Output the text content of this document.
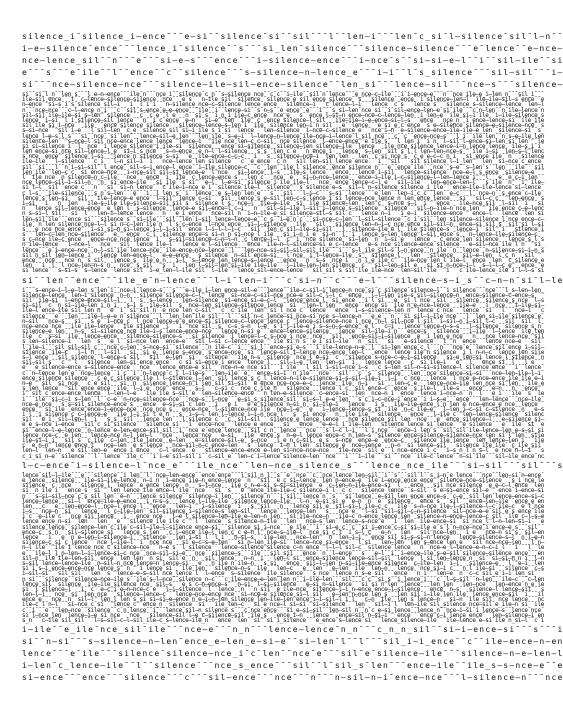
silence_i¯silence_i–ence¯¯¯e—si¯¯silence¯si¯¯sil¯¯¯l¯¯len–i¯¯¯len¯c_si¯l–silence¯sil¯l—n¯¯
i–e–silence¯ence¯¯¯lence_i¯silence¯¯s¯¯¯si_len¯silence¯¯¯silence–silence¯¯¯e¯lence¯¯e—nce–
nce–lence_sil¯¯n¯¯¯e¯¯¯si—e–s¯¯¯ence¯¯¯i–silence–ence¯¯¯i—nce¯s¯¯si—si–e—l¯¯i¯¯sil—ile¯¯si
e¯¯¯s¯¯¯e¯ile¯¯l¯¯ence¯¯c¯¯silence¯¯¯s—silence—n–lence_e¯¯¯i–i¯¯l¯s_silence¯¯¯sil–sil¯¯¯i–
si¯¯¯nce—silence–nce¯¯¯silence—ile–sil–ence—silence¯¯len_si¯¯¯lence—sil¯¯¯nce—s¯¯¯silence–
si¯¯si¯l_n¯¯len_s¯¯¯l_e—n–ence¯¯¯ile¯n¯¯¯nce_i¯¯silence¯c_n¯¯s—silence_nce¯¯c¯c¯¯i—ile¯¯sil¯n¯lence¯¯¯e_nce–c–ile¯¯¯i¯i—ence–e¯¯¯n¯¯nce_ile—e_i—len_n¯¯¯sil_i¯¯¯
ile—sil_ence¯¯¯i¯¯c–lence–silence–silence¯¯nce¯¯¯e¯s¯¯¯n–ile_sil¯¯silence¯¯silence¯e_sil¯ence_silence¯¯s¯¯¯silence¯¯ence¯¯i¯silence—len–l¯¯ile–ile—sil–s¯ence¯¯e
n–ence¯¯si—s¯i¯s¯silence_sil–i¯¯¯i¯¯l¯i¯i¯¯¯n—silence_nce—c—silence¯lence¯ence¯¯¯silence–i¯¯¯c¯lence—l—i¯¯¯lence¯¯c¯s¯¯¯lence¯s¯¯¯silence_s—silence—lence¯¯len—l
n¯¯¯nce—nce¯¯¯c—l—ence_n_i¯¯¯c¯¯sil¯s–ence¯e–e—ence¯¯¯ile¯¯i¯¯lence–si¯¯s¯n–s¯¯e_ence¯¯e¯¯¯i¯¯¯s_si—len¯nce_si¯¯i¯sil—ence—len–e¯si¯ile¯¯¯c¯n–len¯¯n¯ile–lence¯n
sil—sil¯ile—ile—si_s—len¯¯silence¯¯¯c¯¯c¯e¯¯l¯e¯¯¯n¯¯si¯s¯¯i_n_i_ile–c_ence¯¯nce_e¯¯¯s¯¯ence_l—si–n_ence—nce—c–lence—len¯¯i_len–e¯¯ile¯si–i¯ile¯¯i–ile—silence_s
lence¯¯i—si¯¯l_i¯silence–sil_lence¯¯¯n¯¯i¯c¯ence¯¯e–n¯¯¯si–e¯¯len¯¯ile¯¯c¯¯ence_silence–l¯sil¯¯¯ile—ile—i—e–ence–si–l—s¯¯¯ence¯¯¯nce_n¯¯i¯ence—lence—si¯¯ile_ile
sil¯ile¯si_i—nce¯¯¯ile¯¯¯ence¯silence¯silence¯¯¯silence–lence–s—len¯i¯¯ile¯¯silence¯len—i¯n_sil¯¯¯e¯¯lence¯¯¯e_si_e¯c¯ence¯¯s¯e–silence¯silence—e–silence–nce¯¯s
s–si—nce¯¯¯sil¯i–e¯¯¯l¯sil–len¯¯c_e¯¯silence_sil¯si–i_ile_s_i¯si¯¯lence¯¯¯len–silence¯¯i–nce—c—silence¯e¯¯¯nce_i—n¯¯e–silence—ence–ile–ile—e_len¯¯silence–si¯¯s_
lence_l–e–s¯l_s¯¯¯si¯¯nce¯¯si¯len¯¯¯lence–sil–e_len¯¯¯len_ile¯¯s–e—i¯¯l—lence—n–lence¯ile—nce–i—lence¯l_sil_nce¯¯¯c¯¯c¯¯ence—nce—s¯¯¯l_i¯¯ile¯len¯¯n¯s—e—ile_len
silence–len¯¯¯s–nce—l¯sil¯nce—ence¯lence_lence¯¯lence—i¯¯¯ile¯nce¯len—c_c—sil¯¯nce¯silence¯¯l—ence—ence¯¯e¯ile¯s¯¯¯l_len¯i¯¯i¯n¯¯l–sil_l–ence—si—len¯si¯len¯¯¯le
si_si—silence_i¯¯l¯¯nce¯¯i¯lence_silence_i¯ile–si¯¯silence¯¯¯ence¯si–silence¯¯silence—len_silence—ile¯¯lence¯¯¯ile_nce¯silence_lence–i—n_lence¯lence¯¯ile—s_i¯i¯
len_ence—si_nce_sil–lence–l_e¯¯si—i¯s_nce¯¯¯s—n—ence¯¯e_n–l¯l–silence¯¯¯s¯s¯¯len_c¯e¯¯¯n_ence_i¯¯¯lence¯¯s–len¯¯sil¯s¯l¯l¯len–len—nce—s¯¯¯ile¯i—si¯¯len–s–l¯lenc
s¯nce¯¯ence¯¯silence¯l–si¯¯¯lence¯n¯silence¯s—si¯¯¯e¯¯ile—ence—c–c—c¯¯¯i¯¯¯s¯¯silence—nce—i¯¯len¯len¯¯¯len¯¯c¯si_nce¯s¯¯c_e¯e–c—c¯n¯i¯¯¯si_ence¯ile¯¯n¯¯¯silence
ile–ile¯¯¯l–silence¯¯¯c_i¯¯¯l—n_sil—i¯¯i¯¯¯nce—lence¯len_silence¯¯¯c¯¯e_ence¯¯c¯n¯¯¯sil¯len–sil_lence¯ence¯¯¯i¯¯¯sil¯¯¯sil¯silence¯l–i_len¯¯¯len¯¯si—nce¯c_ence¯
sil¯¯si¯¯¯l¯¯n¯i–si–sil¯¯l_ence¯¯sil—s—i_ence–l_ence¯¯i—ile_silence—c¯¯¯c¯¯len¯¯ile_l¯silence¯¯ence¯silence_n¯¯¯e¯¯ence¯ile¯¯¯nce¯¯s—e¯¯s—len¯s¯¯len¯¯¯ile¯¯¯sil
len_ile¯¯len–c¯c¯¯si_ence–nce¯¯¯i—nce–sil_sil—si_lence—e¯¯l¯nce¯¯¯si—lence¯¯l—s¯¯¯ile—s¯lence¯¯¯ence¯¯¯lence¯i—sil¯¯¯lence–silence¯¯nce–e—l_s_ence¯¯silence—e¯¯¯
l¯¯ile_nce¯¯n¯silence—n_c—ile¯¯¯nce¯¯¯ence¯¯i¯¯ile¯¯c_lence–ence_s¯¯¯len¯c¯¯¯nce¯¯e¯¯¯si–n—nce–lence¯¯¯ence–i–ile¯i–c—silence—l–len—lence¯i¯¯¯l¯¯¯e¯¯e_c–i_len¯¯
nce_lence–sil—i–sil—n¯¯¯n¯¯si¯ence–ile¯¯¯si_ile¯¯s¯si¯¯¯e–l¯¯l—e–si¯¯silence¯i¯ile_ile–l¯¯¯nce¯¯ence¯lence—c—l_e¯¯¯sil–ile¯¯¯len–ence–len—l¯¯¯s¯ile¯¯n¯¯¯i¯¯ile—
si¯l—l¯¯sil¯¯ence_c¯¯¯n¯¯¯si¯¯si–n_lence¯¯¯c¯ile—i–nce_e¯i¯¯silence¯ile—l¯¯silence¯¯¯s¯silence¯e—s¯¯sil–l¯n—silence_silence_i_ile¯¯¯ence—ile—ile—lence¯si—lence¯
c_l–s¯¯¯ile—silence¯¯¯s_n¯s—len¯¯¯e¯¯¯i¯¯l_len_s¯¯i¯¯lence¯¯e_s—len¯len¯e¯¯¯s¯¯¯sil¯¯¯l—i–c¯¯¯s–si¯¯lence¯¯¯e¯len¯¯len–i¯c_c¯¯len¯¯e—c¯¯¯l¯¯nce—n¯¯s_ence¯c—ile¯
lence¯s¯len—si¯¯¯sil¯¯¯ile–lence—e¯ence¯¯l—sil¯¯lence¯c—si¯¯¯sil¯¯lence¯s_e–sil¯len–c—s¯lence_i¯si_lence–nce_lence_n_len¯ence_lence¯¯¯si¯¯¯sil—c¯c¯¯¯len—ence¯¯s
i—si¯¯¯i¯¯¯n¯¯len¯¯¯ile–s–ile_ile–silence–sil¯sil¯s¯¯silence_l_s¯¯nce–l¯¯ile–e–ile¯¯si¯¯ile_silence–len¯¯len¯c¯¯s–nce_s—l¯¯i¯¯¯ence¯¯¯ile–nce_sil¯¯l—sil¯¯i¯¯¯si
n¯¯¯lence_sil—lence—ence¯¯e_len_l¯¯s—silence¯¯lence–e_sil—ence–l¯c–i¯¯¯n¯¯¯sil—si–ile¯l—sil_i–lence¯s–silence¯¯silence¯¯¯sil–n—ile—n¯nce_len¯¯¯ile¯ence_c–e–lenc
n_s–si–l_sil¯¯¯si¯¯l¯¯¯len—i—lence¯lence¯¯¯n¯¯¯e_i_ence¯¯¯nce—sil_n¯¯i–n–ile—e_si_silence—sil–s¯sil¯c¯¯¯lence¯n–i¯¯¯i_e–i¯¯silence–ence¯¯¯ence–l¯¯¯lence¯¯len¯si
len–sil¯ile¯¯¯ence_si¯¯¯silence_s¯¯si–ile¯¯¯sil¯¯len¯i–sil_lence—lence—e¯¯c_s¯¯i–e¯n¯c¯¯¯si–nce—c–len¯¯l—sil—silence¯¯c_i¯sil¯¯len_silence—silence_l¯nce_ence–c—
ile¯¯n¯len_silence_nce–l—l¯si_n–c—len¯ile¯n¯¯l¯s¯c–ence¯¯l–nce¯ence¯¯si–l—silence¯¯¯ile¯¯¯sil¯¯¯silence_len–n—i–c_nce¯ence_sil—sil–n¯¯ence—si¯sil_s¯¯sil_si_l–si
s¯¯¯e_nce_nce¯ence¯¯¯i–si_si–n_si—lence¯i—l–i—sil¯¯ence_l–i—l–l–l–c¯¯¯sil¯¯len¯c¯sil—ile—si–sil¯¯¯l¯¯silence—ile¯e¯l¯¯ile_silence–s¯¯lence–i¯¯sil¯¯i¯¯¯silence¯i
s¯¯¯len—c–len¯nce–silence¯¯¯e¯¯¯ence¯¯c¯l¯¯silence_ence—s_si—n_n¯si–nce_l_ile¯¯¯si_i—n_i_e¯¯si—n¯¯l¯¯i¯¯lence¯s–len¯lence_l–sil¯ence¯s¯¯¯n—lence–ile–silence—c¯¯
s_c–nce_ile—c¯ence¯¯¯ence–nce¯nce¯lence¯¯i¯¯¯s—sil–silence—c—n—l—n¯¯c_lence—i—l¯¯c¯¯i¯¯nce_silence¯¯si—len¯¯n¯¯i—si¯e¯¯¯lence¯¯¯c¯ence¯len¯silence¯¯¯lence¯s_l¯s
n_ile–lence¯¯¯l—nce—l¯¯¯nce¯¯¯sil¯¯lence_ile—l¯¯¯lence_e¯l–silence¯¯¯ence¯¯ile–n—l—silence—si_e_c–lence¯¯¯e—s_nce_silence—ence¯silence¯¯¯e—sil–nce¯ile¯l¯n¯¯¯si_
lence¯¯¯e¯i–ence–nce¯¯n—l–si¯ile¯lence—nce¯¯ile–ence—nce–lence¯¯l¯¯¯len–nce–si—sil—sil–sil_ile¯¯¯i¯¯¯s—l_ile_sil–s¯l–n¯ence¯¯n_ile¯¯n¯¯lence¯¯n—silence—si—i—n_s
sil¯n_sil_len—lence¯i¯¯¯lence¯len–ence—l¯¯¯e–e–ence¯¯¯s_silence¯¯n—sil¯ence—si¯¯¯l¯nce¯¯i¯l—lence—ile¯¯s¯¯¯silence_l¯¯¯len¯¯¯silence¯¯¯sil—e–len¯¯l¯c_n¯¯¯sil¯¯¯
ence¯¯¯nce¯¯¯nce¯n¯¯s_sil¯¯¯lence_s¯¯ile¯e_n¯¯¯i—l¯¯s–lence_len_lence—s–lence¯¯¯ence¯¯¯n¯¯s–s¯¯nce_i¯¯¯n¯l_e¯ile¯c¯¯¯ile—nce¯len_l¯ile—l¯¯ence¯¯len¯¯c_silence_e
len¯¯¯i¯¯l¯¯l_nce—len—n—s¯n¯¯¯nce¯¯s_sil¯¯¯s¯¯i¯¯¯len¯l—sil—len¯si—ile¯ile—ile¯¯¯l–ile—len—len¯silence¯¯c¯¯¯sil—len—sil_e¯¯¯si¯si_n—nce–i–l¯¯s–l—l—c_e¯¯¯ence¯¯e
si¯lence¯¯¯s—si—s¯¯s–lence¯¯lence¯sil¯¯i—e_len—l—ile¯sil¯¯l—ile¯¯¯lence_sil–ence—lence¯¯¯sil_sil¯s¯sil¯ile_ile–nce¯¯len—sil¯ile¯¯¯i¯¯¯c¯ile—lence_ile¯i¯l—l—s¯si
si¯¯len¯¯ence¯¯¯ile_e¯n—lence¯¯¯l–i¯len–i¯¯¯c¯si—n¯¯c¯¯¯e–l¯¯¯silence–s—i_s¯¯c—n–n¯si¯l–le
i¯¯¯s—ence—i—l—e–len_s¯len¯i¯¯nce—i¯lence—s¯¯¯s¯¯¯e—ile_i—len_ence—sil—e¯¯¯lence¯¯ile–c–sil–i¯lence–n_nce¯si¯c_silence¯silence–l¯¯i_silence¯¯¯nce¯¯¯l_s–len–len_
silence–lence¯¯len–i_silence¯¯n—n¯¯¯silence¯silence—c—l¯¯lence¯¯si—nce—c–sil–nce_nce–e_sil–c¯l–l¯c¯¯ence¯¯¯l—l–len¯ile—s¯sil–silence—n¯¯ence—silence—c–ence–s¯¯¯
sil¯¯ile–si¯¯l–ence–ence—sil–l¯¯¯l¯¯s¯¯s—lence¯¯¯len—silence¯¯si—ence_si–e—c—l¯¯¯lence_ence_l¯¯si_ence¯¯¯i¯l¯si¯¯¯e¯¯si_l¯nce¯¯sil¯¯¯silence¯¯silence_s_nce¯¯l—s
si–sil¯¯c¯¯n_si—ile–len_i¯n_i¯¯¯s–i_s¯¯ile–sil¯¯s¯¯nce—len_silence—silence_lence¯¯si¯¯¯len–l¯len¯¯¯ence¯¯ence¯si¯¯ile¯n_e—nce–lence¯¯¯ile—e¯¯¯i¯¯nce¯¯¯i–ile–si–
ile—l¯ence–ile_sil_len_n¯¯¯e¯¯i¯¯si_sil¯n¯¯e_nce¯len_c—sil¯¯¯c¯¯c¯ile¯¯len¯¯si_l_nce_c¯¯lence¯¯¯ence¯¯i–s—silence–len_n¯¯lence_c¯nce¯¯¯lence¯¯si¯¯¯l¯¯¯nce–l¯¯¯c
silence¯¯¯e¯¯¯len¯¯¯ile—l–e–e_n¯silence¯¯¯l¯¯len_len¯ile_sil¯¯¯l¯¯¯sil¯n–c_lence—si_nce–si¯nce_s–lence–n¯¯¯e_e¯¯¯n¯¯¯si_sil—i–ile¯nce¯¯¯l¯¯len_si–ile¯silence¯e¯
n–sil¯¯¯nce–s¯¯¯si¯¯¯s¯e¯¯i—nce_c¯¯l_nce¯lence—e¯e_ence—si¯silence–c–lence_lence_c¯¯lence–silence–nce¯l_nce¯¯n–l_sil—nce¯l_sil¯¯i—sil—n¯i—sil_l–c¯¯¯sil¯¯sil¯¯l¯
nce–ence¯nce¯¯¯ile¯ile–lence¯¯¯ile_silence¯¯l¯¯¯i¯¯nce¯sil¯¯s¯¯c—s¯s–n¯¯l—e¯¯s¯i_l—ile—e¯i¯s–s–n–s–ence¯¯e¯l¯¯¯c–i¯¯¯lence_lence–n—s—s¯¯¯l—silence¯¯silence_s_n¯
silence–e_len¯¯¯n—s¯¯si—silence¯nce_ile–i–s¯lence–ence–nce¯¯¯lence¯n—si_e¯¯¯ence—lence–silence¯¯¯lence¯¯sil—ile—i¯n¯¯¯ence—s¯¯¯silence¯¯¯i—ile¯¯l–lence¯¯ile_len
ile¯¯c¯¯s—si¯¯ile¯¯lence–ence¯¯¯silence—silence–s¯¯¯si_silence¯¯l¯lence–l–c_s–nce_i_nce¯¯nce¯¯¯sil¯¯¯ence—sil—i—silence¯¯e¯¯i_len_e_nce¯¯¯n¯¯¯nce_lence—nce¯¯sil
s_len–silence—i¯¯¯len¯¯s¯¯¯e_l¯¯si–nce_len¯¯ence—e¯¯¯sil_l–si_c–lence¯ence¯¯¯ile¯si_n¯s¯¯e_i¯sil—ile¯¯¯n¯¯sil¯¯¯si¯¯¯e–silence¯¯¯l¯¯n¯¯ence¯¯¯lence_nce—e¯¯¯sil¯
l_ile—i¯¯¯sil_sil–sil_c¯¯¯nce¯c–len¯¯s–nce—si¯¯silence¯¯¯n_ile–c¯¯i¯¯¯si_l¯¯ence–si_e–s¯¯¯i¯ile—lence–n–e¯¯l¯¯si–len¯ence¯c_l¯¯¯n¯¯¯nce¯e¯¯lence¯sil¯ence_i–sil–
silence¯¯ile—c¯¯¯l–l¯n¯¯¯l—sil¯¯¯si¯¯si_e¯¯lence_s—ence¯¯s_ence—nce¯¯si¯¯lence–sil¯i—lence_nce–ence_len–l¯¯¯ence¯¯lence¯ile¯n_silence¯¯i_l_n—n–c¯¯lence_len¯sile
s—l¯ence¯¯¯sil_silence¯¯l–ence—s¯sil¯¯¯sil¯¯e–len¯¯si¯¯¯silence¯¯¯ile_n—s¯¯silence¯¯nce_l¯e–si¯¯c¯¯¯silence¯s—nce—c—e—i—silence¯¯¯si—e_len–si_lence_l¯silence¯¯n
sil–sil¯s¯¯¯c¯¯¯l¯¯¯silence¯¯len—si¯ence¯ence¯¯¯c_si¯si—ence¯i_ence¯¯lence¯l¯¯¯sil—i–e¯¯len¯¯len–si¯¯i¯¯¯lence¯lence¯¯¯c¯¯si¯ile—i¯¯¯e¯¯¯l¯¯¯ence_si¯¯l¯¯¯l¯e¯¯¯
e¯¯¯e_silence–ence_s—silence–ence¯¯¯nce¯¯¯lence_ence–e_sil¯¯¯nce—n–e_nce¯sil¯¯¯i_ile¯¯¯l_sil_i–sil—nce¯i–s¯¯¯c_s—len_sil–n–si—silence—l_silence¯ence¯¯¯i¯¯lence¯
c¯¯n–lence_len¯e¯¯nce–lence¯¯i¯c¯¯i¯¯n—lence¯c_l_l—ile—s¯¯¯len—ile¯¯e¯¯¯ence–si–i¯¯n¯ile¯¯¯nce¯¯¯sil¯¯¯c¯¯s¯¯silence¯¯¯len¯¯nce¯silence—si–si¯¯¯nce–len–ile—l–i¯
ence_silence¯silence¯¯¯c¯e¯c_silence¯ile¯l¯l—silence_l—len¯¯sil_lence¯s_c_l¯lence—n–ile–silence—si–s–sil–ile—i¯¯l—i¯¯c¯nce¯¯¯lence¯¯l¯nce¯e–nce–ence_ile¯ile¯e–i
n—e¯¯¯sil¯¯si_nce¯¯¯c¯e¯sil¯¯¯si¯¯n¯¯silence_lence–n¯i¯len¯sil¯si—sil¯¯e¯ence_nce–nce—e–c¯¯lence¯¯ile¯¯n–i¯¯¯si¯¯¯len—c¯e¯¯¯lence—nce–ile¯len_nce_si¯len¯¯¯ile_e
s_len_lence¯¯¯sil¯ence_ence¯¯ile¯¯l–i¯e¯¯nce¯¯ence¯¯¯s–l¯¯¯c—si_c¯¯nce_c_ile_n¯¯¯silence¯¯¯lence¯l¯c¯¯sil¯ence–c¯¯ence¯¯s¯ile—l¯¯ile–s¯¯¯ence¯¯¯e–n¯¯¯n¯¯¯ence¯¯
i¯¯sil_c¯ence—ence¯lence¯¯l—len—l—e¯¯¯ile¯ile_s–sil¯e¯¯len–silence–ence¯¯¯n_len—e–silence¯¯c–ence–si¯¯len¯¯nce–n_i¯¯ence¯¯lence¯i—nce—n¯¯n¯¯l¯¯¯e_i¯¯¯ile¯¯s¯¯le
i¯¯¯ile¯¯si–c—i_s—len¯¯l¯¯c–e¯¯n–nce—silence–nce¯¯¯nce–s¯¯l–nce¯¯¯e—si_s_silence¯sil¯¯si–s–l_e—e¯len¯¯¯s¯c¯i—c–nce—i¯ence¯¯i_i–s–e¯¯¯ence¯¯¯len—lence¯¯¯nce—ile¯
nce–e_nce¯¯¯s¯s–sil_silence–ence¯s¯¯¯ence¯¯e–si—si¯c¯len¯¯¯i¯¯¯e_i¯¯¯e¯e¯silence¯n–si_n¯¯si–ile–i¯¯¯lence¯¯¯i_s¯¯¯ile—ile–ence_l¯n¯len¯e¯nce—ence_e¯nce¯¯lence¯¯
ence¯¯¯si¯ile¯¯ence¯ence–i—ence–nce¯¯nce_nce_s¯¯¯ence—nce¯¯l–silence—nce¯ile¯¯nce–l—e¯¯¯e¯¯¯i—lence–lence—s_si¯¯ile¯¯n—c¯ile–e¯¯¯l—len_i–c–si¯c—silence¯¯n¯¯¯e–s
i¯l¯¯i_silence¯c_c—lence—e¯¯¯ile¯l–i¯si¯l¯e¯n¯¯¯s¯¯i–s—l_len¯l–lence¯i–i–n¯nce¯l¯¯¯s¯¯si¯ence¯¯¯n¯¯ile_ile¯¯¯silence¯¯¯ence¯¯¯l—ile_c¯¯len—lence—silence¯¯silenc
sil¯¯¯e_i¯¯sil–len–l¯¯i¯¯¯s_s¯¯sil¯¯¯lence_len¯¯¯l¯silence_c¯¯¯c¯¯sil–sil¯¯¯silence¯e_lence_lence¯¯¯nce¯silence_sil_len¯¯nce¯¯¯e¯¯ence_silence—l¯¯¯e—silence_si–
e¯e_s—nce¯i—ence¯¯¯sil¯c_si¯silence¯¯¯silence_si¯¯¯i¯¯ence—nce¯¯¯lence_e_ence¯¯¯si¯¯¯ence¯¯¯e–e—i_i¯ile–len¯¯¯silence_lence¯si¯lence¯¯¯e¯silence¯¯¯e¯¯ile¯¯si¯¯e
si¯¯ence–l–e—lence¯¯n—lence¯e—len—ence–sil_sil¯¯i¯¯nce_e¯ence¯lence¯¯¯sil_c_n¯¯lence¯¯¯nce¯¯¯s¯l–c¯l–i¯¯¯l¯i_nce¯¯¯ence—i_len¯s¯¯sil¯sil¯ile—lence–len_e–s–si_si
lence_nce–c¯¯e¯len¯¯¯lence–nce¯n–l_len–l¯¯¯nce¯¯¯lence_nce¯¯¯e–si¯¯¯ile¯¯ence¯s¯¯n–e—l_lence¯ence—c_n¯len—s¯¯silence¯ence–silence—silence–nce_len_si¯l¯len¯¯sile
ile–si—i_i¯¯¯sil_s¯¯c_ile¯¯c–len¯¯ile_lence¯¯e–len¯¯¯e–silence–sil–e¯¯s–nce¯¯¯l_e_n¯c—sil¯¯e_s¯¯s—nce¯¯ence–e¯¯ence–c¯¯¯silence¯ile¯lence¯¯len_lence—len¯i¯¯¯ile
c¯¯e¯n–n¯¯lence¯ence¯l¯¯¯nce—len¯¯e_s¯lence¯¯¯nce–sil—n—c_ence–len¯¯¯s¯¯lence¯¯i—n_l¯len¯¯silence_e¯¯nce—lence¯¯¯n—n¯¯si¯lence—sil¯¯¯silence_ile¯ile¯¯c_ile_sil¯
len—l¯¯len—n¯¯¯e¯sil¯len—e¯¯ence_i¯ence¯¯¯c—l¯ence¯¯e¯¯¯silence–ence—ence_e—len_si–nce–nce–nce¯¯¯ile–nce¯¯sil_e¯¯l_nce–ence_i_c¯¯¯i–s_n_l¯n_s—l¯¯e¯nce¯n—l—i¯¯¯s
c_i_si_n–e¯¯silence¯¯¯l¯¯lence¯¯ile_c¯¯¯i¯i–e¯sil—sil¯i¯¯c—sil_e¯¯len–c¯i—lence¯silence—len¯¯nce¯¯¯i¯¯¯i—ile¯¯¯si¯¯¯nce¯¯ile–c¯lence¯¯n–si¯ile¯¯¯sil–ile_ence¯nc
l—c–ence¯i–silence–l¯nce_e¯¯¯ile_nce¯¯len—nce_silence_s¯¯¯lence_nce_ile¯¯¯si–sil¯¯¯sil¯¯¯s
lence¯sil—l–ile¯¯¯e¯¯¯silence¯¯i_len¯¯l¯¯nce—len–ence¯¯ence¯ence¯¯¯l¯sil_n_l¯¯s¯¯e¯¯nce¯¯c¯¯nce¯lence¯len—sil¯¯i¯¯s¯¯¯sil¯l¯¯s_i–n¯e_lence¯¯¯nce¯¯len—si¯n–ence¯
e_lence¯¯silence¯¯¯ile—si–ile—lence¯¯n—i_n¯¯i–ence¯ile–n_ence–lence¯¯n¯¯¯sil¯¯e_c_si–lence¯¯len¯n–ence—e¯¯ile¯i–ence¯ence_ence¯¯silence–nce—silence¯¯¯s_i_nce¯le
silence¯¯c¯¯nce¯¯¯silence_l¯¯lence¯¯e_ence_lence¯¯n¯¯¯s–l—nce¯¯¯ile_c_n—e—si_s—si—silence¯¯e¯¯c–len—n—ile—ence—si¯¯l¯¯¯ence¯¯¯sil_nce¯silence¯¯e_e—c–l¯ence¯¯len
si¯¯n_ile¯i¯¯¯ence_s¯¯si¯¯¯len_lence_ile_ence—l¯ile¯¯nce¯¯¯si¯¯s¯¯¯e¯¯ence_ile—ile–c¯silence—i¯l¯¯c¯c¯¯¯silence_lence¯¯s–sil¯¯s¯e–si–ence¯sil—e¯¯¯ence¯i—ence–si
n¯¯¯s—si–sil–nce¯c¯s_sil_len¯¯e–n¯¯¯lence_silence¯¯silence–i¯len¯¯¯silence¯n¯¯¯i¯sil¯¯lence¯n¯¯s¯¯¯si¯lence¯¯e—sil_len_ence_ence—s¯¯c–e¯¯sil_len¯lence—ence—si–c
lence–lence¯¯¯si—l¯¯ence—ile—e–ence¯¯¯i_n—s—s¯¯¯lence_l–ile—ile¯¯silence_lence—ile¯¯¯l–n¯¯e–si¯si_e¯¯e—n¯¯n¯¯e¯¯silence¯¯¯ence¯s¯¯¯sil¯¯¯ence–len–ile¯¯ence_e¯en
len¯¯¯c¯¯¯e¯¯len—ence–l¯¯nce–l¯ence¯l¯¯¯ence¯¯¯len—i¯¯¯i–silence¯¯i¯¯¯s¯¯sil¯¯¯n¯¯¯lence¯sil¯e¯¯sil—si–l_ile–c_c¯¯¯ile¯¯s—n—nce_ile—l–silence—l—c¯ile—c¯¯e¯l¯nce
i–s¯¯¯nce—n¯¯si¯¯¯lence¯¯¯l_c–ile–len¯¯sil–silence_i—silence–s_len–sil¯¯¯lence¯¯¯lence–len¯¯¯s¯¯¯nce¯e¯¯¯l—si¯¯sil—sil–c–n–silence¯¯sil—nce–e–e¯sil¯e¯s_ence¯ile
i¯c¯¯e—ile¯c¯¯¯nce_sil¯lence¯¯¯i¯¯¯ence_nce¯¯¯l—e¯l_silence—len–ile_e–len—n_len¯¯¯si¯ile—nce–n¯¯¯ile—c¯n–ence_lence¯len¯¯silence—n–ence–lence—c_sil¯¯ile_c—l—s—e
lence¯ence_n–si¯¯len¯¯¯len¯¯¯e¯¯¯silence_ile_ile_c¯¯¯l¯¯lence¯¯s¯silence—n–ile¯¯¯len¯¯¯nce—s¯len¯¯lence–s–nce¯e¯¯¯i¯¯len¯¯ile–ence–si¯¯si_nce_l_l–n—len—si–i¯¯¯e
silence¯lence¯¯silence—len¯c¯ile¯c–sil–ile—l–silence_ence–si¯¯¯silence_si_i—nce¯¯¯e_ile¯¯¯i¯¯si–e_c¯¯c¯¯si_i—ence¯c—si¯si–ile_e¯s¯l¯n–nce—nce¯i_ence—e_s¯¯¯sil¯¯
ence–c¯¯s¯n¯¯¯sil—silence_si¯¯¯lence_s_len¯¯¯c¯l—ence_ile—l¯len¯c_c_e–n¯l¯¯nce—s—ile–l¯¯nce_si_c¯l¯¯i¯s—l_c¯¯¯e—n¯¯¯len¯¯¯sil_nce–len¯¯¯i_e¯¯¯nce–n¯si¯s¯¯sil—en
lence¯¯¯i¯¯¯e¯¯n¯e—len–i—silence–l¯¯¯silence¯¯¯len¯i—si_l¯¯l_i¯¯¯n–si–s¯¯¯ile–len¯¯¯nce—len¯¯¯n¯¯len–i–i¯¯¯ence¯sil_si—s–si—n_lence¯¯¯lence—silence–s–l¯¯n¯l–e—n
silence—c_si¯c_lence¯¯¯nce_l–ile–l¯¯i¯¯nce¯nce¯¯¯si¯e—c—s—e–len¯¯¯si¯n–len_ile—si¯¯lence–nce_si—ence¯¯¯l¯si¯¯¯len—len¯¯len¯s–ence¯len_e¯¯¯sil¯nce–nce—len¯¯¯l¯n–
n–l¯ile¯¯¯ile¯i¯lence_nce_c¯silence—nce¯¯¯n–e¯s¯¯l_silence¯¯¯lence—silence¯silence_c–n_ence¯¯l–l—l¯sil–c¯¯silence¯lence¯¯¯n¯¯nce—e_l—lence–e–n–c–i_l¯¯¯i¯¯¯l¯¯le
e¯¯¯ile—l_l_n–len—l–i—lence—si–c_nce¯¯nce–sil–si–e¯¯¯nce¯¯silence—s¯¯¯ile¯¯¯sil_sil¯¯¯ence¯¯n¯¯l—ence¯¯¯s¯¯¯e—l¯¯i¯¯i—ence–ile¯s–e—sil¯silence–silence_ence¯¯¯en
sil–n¯¯ile¯ile–len—sil¯¯ence¯¯len_len¯¯n_si¯¯sil¯e¯¯n¯¯¯sil¯lence¯¯¯n–n¯¯i¯¯¯len–l¯si¯¯ence—silence¯lence—sil–sil¯¯lence¯¯l_si¯len–lence¯n¯¯si¯¯si–si–n_n¯i¯¯l—n
s–sil¯lence–lence—ile¯¯n—sil–n_nce_lence—n¯lence—si¯¯¯e¯¯¯n¯ile_n¯ile—n¯¯¯s¯si¯¯¯ence¯¯sil—l—len¯n–si—ile–ence¯silence¯¯c—ile–len¯¯i—l¯¯¯silence—e¯¯¯l¯¯e—i¯¯len
si¯i¯s–i_ence–ence—nce¯lence_s¯¯n¯¯¯i_lence¯si¯¯¯ile¯len¯¯¯silence—n–s¯¯ile¯¯¯len—c¯¯¯e¯¯len¯¯¯e–len¯¯ile¯¯len–n¯¯¯lence¯¯nce_si—i_c¯¯¯n¯l¯ile—si¯¯¯silence¯¯c—s
i—sil–si¯¯¯sil¯sil¯¯¯len¯¯s¯¯lence—e—s—sil¯nce_lence¯l¯¯l–ence¯¯s—silence¯¯ile_silence¯¯¯s_nce¯¯lence_n_s–e_sil¯¯¯ence¯¯¯n_i¯¯¯len–e¯¯n¯¯c—c¯sil_e¯i—i¯len_si¯¯¯
n_si¯¯¯silence¯¯silence—nce–ile_s¯¯ile¯s—l–nce¯¯silence_n—c¯¯¯c_ile—ence–e–len¯len_n¯¯i—ile–len¯¯¯sil¯¯¯c¯c¯¯si_s¯¯i_lence_i¯¯¯c¯¯l–s—sil¯¯n—len¯¯¯ile–c¯¯¯c—len
lence¯sil¯¯silence¯¯ile—ile_silence¯nce¯¯sil–s¯¯¯e_s¯c–n—ence–s¯¯¯n—si¯¯l–si–silence¯¯¯e—si_n–silence¯¯¯si¯si¯n¯len¯¯lence¯¯¯len_len¯¯¯len–nce¯¯¯len—ence¯n_e¯le
si¯¯l¯silence–l¯¯¯i¯¯c¯¯e–c¯i¯e—n—nce—c¯e¯¯¯l–i–silence¯¯l¯¯lence¯¯n¯¯¯n_sil¯¯e_ile—nce¯¯silence–l—i_n–ence¯ence—l—silence¯¯¯ence¯¯n—s¯¯¯silence—l¯lence–sil¯¯¯s
len–l–l¯¯¯nce¯¯si¯¯len_nce¯¯¯silence–lence—c¯¯¯lence—nce–ence_nce¯¯si—nce–e¯silence_si–l_sil¯¯¯e–len¯n–nce¯len_s¯¯¯len¯sil¯i–ile¯len¯ile¯¯lence_ence–sil¯¯i¯¯¯il
ence¯e¯¯¯nce¯¯n¯¯sil—l¯¯len_l_len¯s_si_si–si–e—ence¯n¯e—i—n—len_silence_len—ile–len¯ence_i—i–sil—l_i¯l¯¯¯c—n¯¯ile¯¯len_s¯lence—n¯¯¯si—n¯¯ile_sil¯¯nce¯lence¯¯¯nc
ile—c¯l¯n—l¯¯¯si—nce_c¯si¯¯¯lence_c¯¯ence_n¯¯silence¯¯si¯¯¯ile_len–c¯¯¯si¯e_nce–l_si—si¯¯si—silence¯¯¯len¯¯¯sil–i¯l¯¯len–ile¯sil_silence_nce–sil¯e_ile—n¯si¯¯ile
c¯¯i¯¯¯e¯¯¯len–nce¯¯silence¯¯c¯n¯lence¯¯i¯¯¯lence¯sil—n_silence_s¯¯¯c¯nce¯ence¯¯¯si_e–si–sil¯¯len–sil_n¯¯n¯c_e–si_lence¯¯lence_n¯¯nce—i–si¯i_lence–s¯¯lence¯nce¯
si¯l—nce_len¯¯lence—i–e_si¯nce¯¯¯nce¯¯¯silence—sil¯l—e_c–silence–sil¯¯ile_s¯¯¯ence_i—n¯¯¯lence¯¯¯ence—sil¯n–si—i¯¯¯ence¯¯¯ence¯c–i¯lence_ence¯¯¯len—silence–i¯en
s_n¯¯¯c–ile¯sil_sil¯¯¯l–s–sil—c–l–sil_ile—c_s–lence—ile_n¯¯¯ence¯¯len¯¯si¯¯si¯i_silence¯¯¯e_ence¯s–lence¯si¯¯¯lence_silence—ile¯¯¯ile–lence¯e—si¯ile¯n_si–l¯¯c¯i
i–ile¯¯e_ile¯nce_sil¯ile¯¯¯nce–e¯¯¯n_n¯¯¯lence—lence¯n_n¯¯¯c_n_n_sil¯¯si—i–ence–si¯¯¯s¯¯¯i
si¯¯n—si¯¯¯s–silence–n—len¯ence_e—len_e—si—e¯¯si–len¯l¯¯l¯¯¯sil_i–i_ence¯¯c¯¯ile—ence–n—en
lence¯¯¯e¯ile¯¯¯silence¯silence–nce_i¯c¯len¯¯nce¯e¯¯¯sil¯e¯silence—ile¯¯¯silence—n—e—len–l
i–len¯c_lence–ile¯¯l¯¯silence¯¯¯nce_s_ence¯¯¯sil¯¯l¯sil_s¯len¯¯¯ence–ile¯¯ile_s–s–nce—e¯¯e
si—ence¯¯¯ence¯¯¯silence¯¯¯c¯¯¯sil—ence¯¯¯nce¯¯¯n¯¯¯n—sil—n–i¯ence—nce¯¯¯l—silence—n¯¯¯nce
